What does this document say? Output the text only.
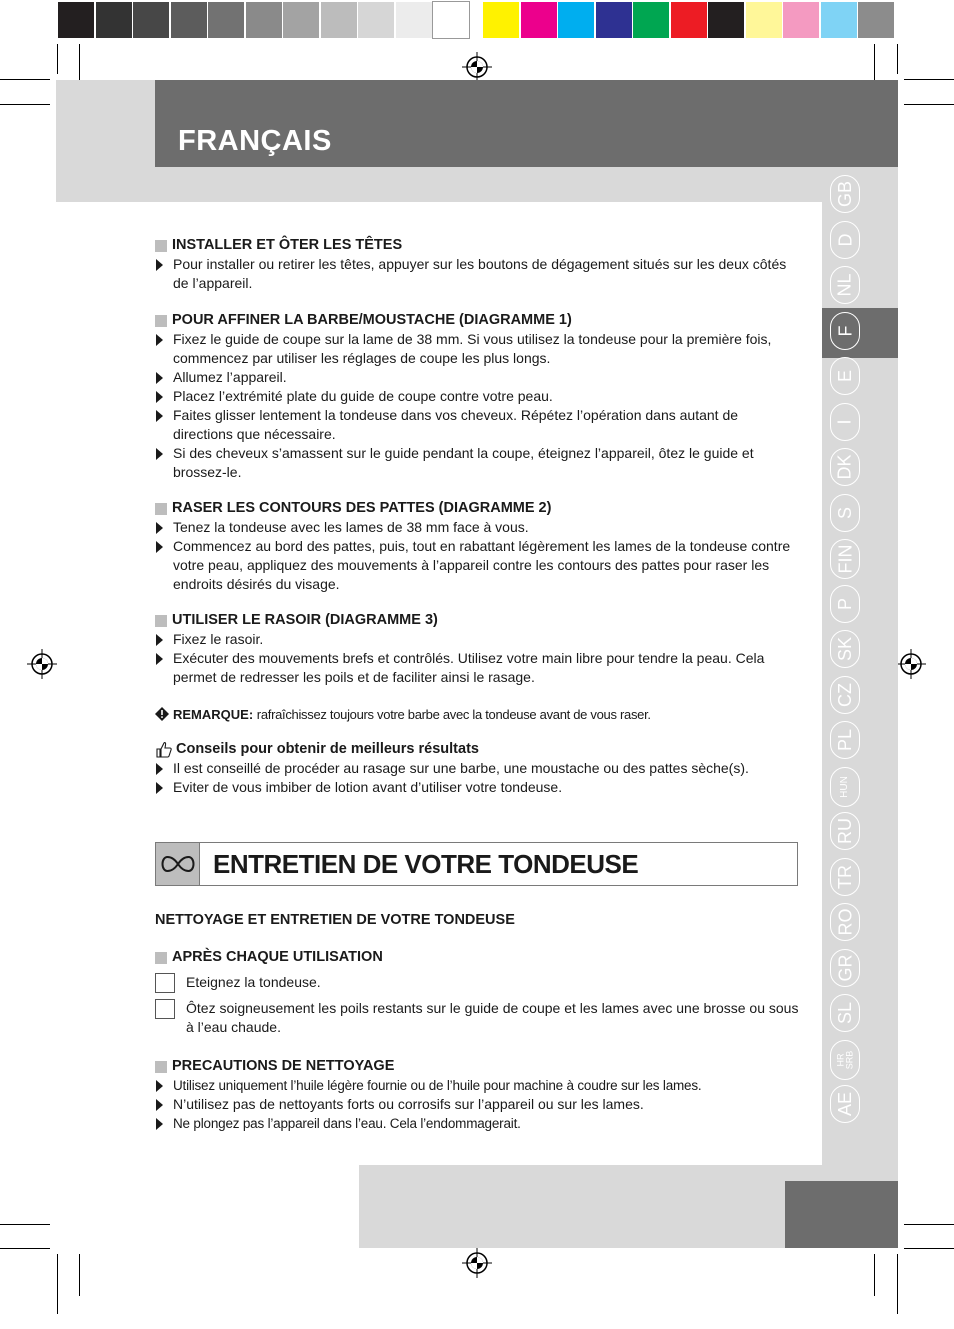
FRANÇAIS
GB
D
NL
F
E
I
DK
S
FIN
P
SK
CZ
PL
HUN
RU
TR
RO
GR
SL
HR
SRB
AE
INSTALLER ET ÔTER LES TÊTES
Pour installer ou retirer les têtes, appuyer sur les boutons de dégagement situés sur les deux côtés de l’appareil.
POUR AFFINER LA BARBE/MOUSTACHE (DIAGRAMME 1)
Fixez le guide de coupe sur la lame de 38 mm. Si vous utilisez la tondeuse pour la première fois, commencez par utiliser les réglages de coupe les plus longs.
Allumez l’appareil.
Placez l’extrémité plate du guide de coupe contre votre peau.
Faites glisser lentement la tondeuse dans vos cheveux. Répétez l’opération dans autant de directions que nécessaire.
Si des cheveux s’amassent sur le guide pendant la coupe, éteignez l’appareil, ôtez le guide et brossez-le.
RASER LES CONTOURS DES PATTES (DIAGRAMME 2)
Tenez la tondeuse avec les lames de 38 mm face à vous.
Commencez au bord des pattes, puis, tout en rabattant légèrement les lames de la tondeuse contre votre peau, appliquez des mouvements à l’appareil contre les contours des pattes pour raser les endroits désirés du visage.
UTILISER LE RASOIR (DIAGRAMME 3)
Fixez le rasoir.
Exécuter des mouvements brefs et contrôlés. Utilisez votre main libre pour tendre la peau. Cela permet de redresser les poils et de faciliter ainsi le rasage.
REMARQUE: rafraîchissez toujours votre barbe avec la tondeuse avant de vous raser.
Conseils pour obtenir de meilleurs résultats
Il est conseillé de procéder au rasage sur une barbe, une moustache ou des pattes sèche(s).
Eviter de vous imbiber de lotion avant d’utiliser votre tondeuse.
ENTRETIEN DE VOTRE TONDEUSE
NETTOYAGE ET ENTRETIEN DE VOTRE TONDEUSE
APRÈS CHAQUE UTILISATION
Eteignez la tondeuse.
Ôtez soigneusement les poils restants sur le guide de coupe et les lames avec une brosse ou sous à l’eau chaude.
PRECAUTIONS DE NETTOYAGE
Utilisez uniquement l’huile légère fournie ou de l’huile pour machine à coudre sur les lames.
N’utilisez pas de nettoyants forts ou corrosifs sur l’appareil ou sur les lames.
Ne plongez pas l’appareil dans l’eau. Cela l’endommagerait.
